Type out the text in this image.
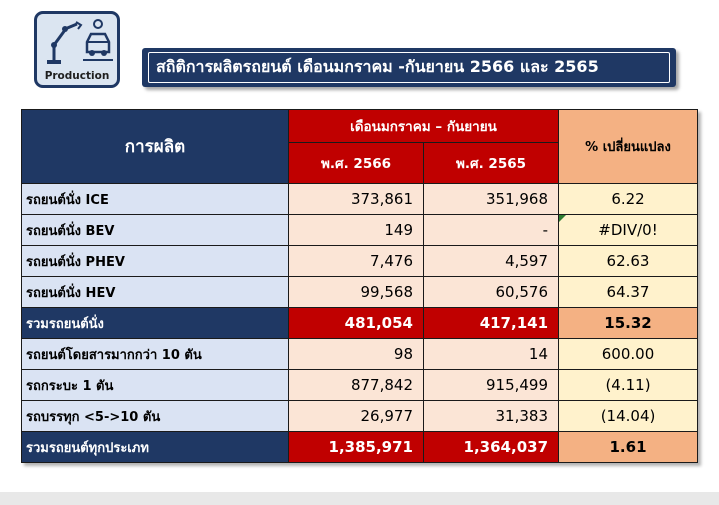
Production	สถิติการผลิตรถยนต์ เดือนมกราคม -กันยายน 2566 และ 2565
การผลิต	เดือนมกราคม – กันยายน		% เปลี่ยนแปลง
	พ.ศ. 2566	พ.ศ. 2565	
รถยนต์นั่ง ICE	373,861	351,968	6.22
รถยนต์นั่ง BEV	149	-	#DIV/0!
รถยนต์นั่ง PHEV	7,476	4,597	62.63
รถยนต์นั่ง HEV	99,568	60,576	64.37
รวมรถยนต์นั่ง	481,054	417,141	15.32
รถยนต์โดยสารมากกว่า 10 ตัน	98	14	600.00
รถกระบะ 1 ตัน	877,842	915,499	(4.11)
รถบรรทุก <5->10 ตัน	26,977	31,383	(14.04)
รวมรถยนต์ทุกประเภท	1,385,971	1,364,037	1.61
